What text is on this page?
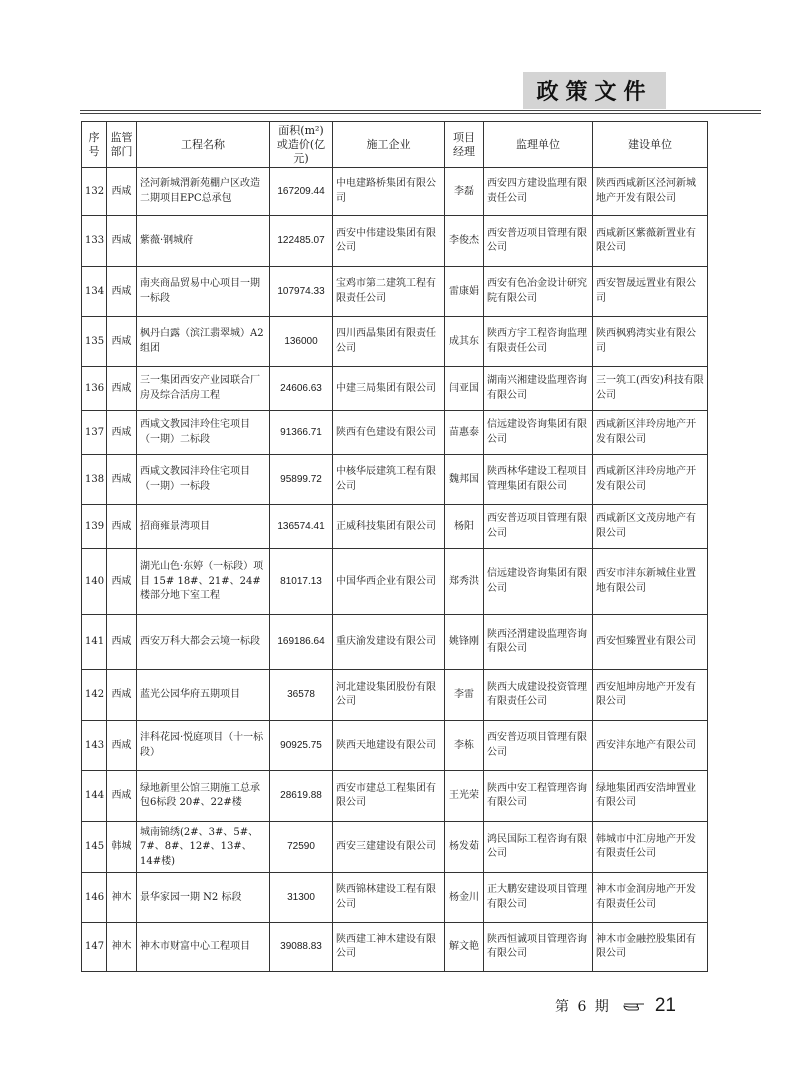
政策文件
序号	监管部门	工程名称	面积(m²)或造价(亿元)	施工企业	项目经理	监理单位	建设单位
132	西咸	泾河新城渭新苑棚户区改造二期项目EPC总承包	167209.44	中电建路桥集团有限公司	李磊	西安四方建设监理有限责任公司	陕西西咸新区泾河新城地产开发有限公司
133	西咸	紫薇·钢城府	122485.07	西安中伟建设集团有限公司	李俊杰	西安普迈项目管理有限公司	西咸新区紫薇新置业有限公司
134	西咸	南夹商品贸易中心项目一期一标段	107974.33	宝鸡市第二建筑工程有限责任公司	雷康娟	西安有色冶金设计研究院有限公司	西安智晟远置业有限公司
135	西咸	枫丹白露（滨江翡翠城）A2组团	136000	四川西晶集团有限责任公司	成其东	陕西方宇工程咨询监理有限责任公司	陕西枫鸦湾实业有限公司
136	西咸	三一集团西安产业园联合厂房及综合活房工程	24606.63	中建三局集团有限公司	闫亚国	湖南兴湘建设监理咨询有限公司	三一筑工(西安)科技有限公司
137	西咸	西咸文教园沣玲住宅项目（一期）二标段	91366.71	陕西有色建设有限公司	苗惠泰	信远建设咨询集团有限公司	西咸新区沣玲房地产开发有限公司
138	西咸	西咸文教园沣玲住宅项目（一期）一标段	95899.72	中核华辰建筑工程有限公司	魏邦国	陕西林华建设工程项目管理集团有限公司	西咸新区沣玲房地产开发有限公司
139	西咸	招商雍景湾项目	136574.41	正威科技集团有限公司	杨阳	西安普迈项目管理有限公司	西咸新区文茂房地产有限公司
140	西咸	湖光山色·东婷（一标段）项目 15# 18#、21#、24# 楼部分地下室工程	81017.13	中国华西企业有限公司	郑秀洪	信远建设咨询集团有限公司	西安市沣东新城住业置地有限公司
141	西咸	西安万科大都会云境一标段	169186.64	重庆渝发建设有限公司	姚锋刚	陕西泾渭建设监理咨询有限公司	西安恒臻置业有限公司
142	西咸	蓝光公园华府五期项目	36578	河北建设集团股份有限公司	李雷	陕西大成建设投资管理有限责任公司	西安旭坤房地产开发有限公司
143	西咸	沣科花园·悦庭项目（十一标段）	90925.75	陕西天地建设有限公司	李栋	西安普迈项目管理有限公司	西安沣东地产有限公司
144	西咸	绿地新里公馆三期施工总承包6标段 20#、22#楼	28619.88	西安市建总工程集团有限公司	王光荣	陕西中安工程管理咨询有限公司	绿地集团西安浩坤置业有限公司
145	韩城	城南锦绣(2#、3#、5#、7#、8#、12#、13#、14#楼)	72590	西安三建建设有限公司	杨发茹	鸿民国际工程咨询有限公司	韩城市中汇房地产开发有限责任公司
146	神木	景华家园一期 N2 标段	31300	陕西锦林建设工程有限公司	杨金川	正大鹏安建设项目管理有限公司	神木市金润房地产开发有限责任公司
147	神木	神木市财富中心工程项目	39088.83	陕西建工神木建设有限公司	解文艳	陕西恒诚项目管理咨询有限公司	神木市金融控股集团有限公司
第 6 期 21
